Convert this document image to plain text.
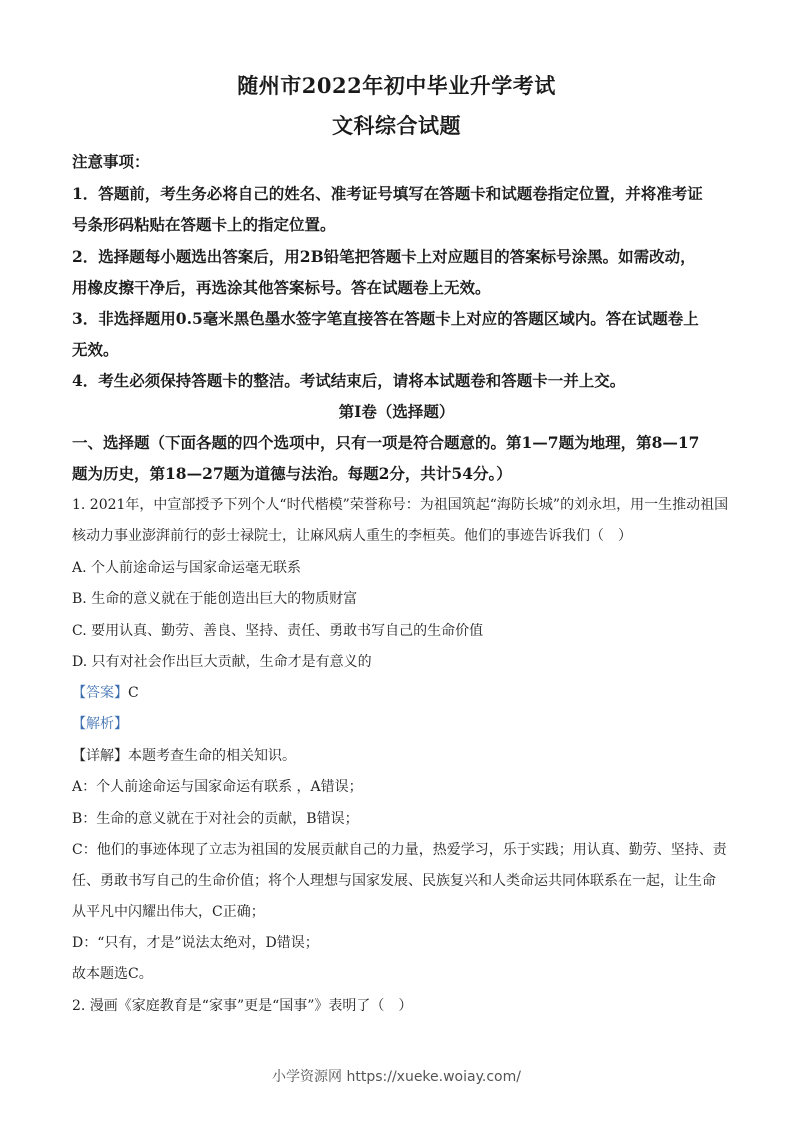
随州市2022年初中毕业升学考试
文科综合试题
注意事项：
1．答题前，考生务必将自己的姓名、准考证号填写在答题卡和试题卷指定位置，并将准考证
号条形码粘贴在答题卡上的指定位置。
2．选择题每小题选出答案后，用2B铅笔把答题卡上对应题目的答案标号涂黑。如需改动，
用橡皮擦干净后，再选涂其他答案标号。答在试题卷上无效。
3．非选择题用0.5毫米黑色墨水签字笔直接答在答题卡上对应的答题区域内。答在试题卷上
无效。
4．考生必须保持答题卡的整洁。考试结束后，请将本试题卷和答题卡一并上交。
第I卷（选择题）
一、选择题（下面各题的四个选项中，只有一项是符合题意的。第1—7题为地理，第8—17
题为历史，第18—27题为道德与法治。每题2分，共计54分。）
1. 2021年，中宣部授予下列个人“时代楷模”荣誉称号：为祖国筑起“海防长城”的刘永坦，用一生推动祖国
核动力事业澎湃前行的彭士禄院士，让麻风病人重生的李桓英。他们的事迹告诉我们（　）
A. 个人前途命运与国家命运毫无联系
B. 生命的意义就在于能创造出巨大的物质财富
C. 要用认真、勤劳、善良、坚持、责任、勇敢书写自己的生命价值
D. 只有对社会作出巨大贡献，生命才是有意义的
【答案】C
【解析】
【详解】本题考查生命的相关知识。
A：个人前途命运与国家命运有联系 ，A错误；
B：生命的意义就在于对社会的贡献，B错误；
C：他们的事迹体现了立志为祖国的发展贡献自己的力量，热爱学习，乐于实践；用认真、勤劳、坚持、责
任、勇敢书写自己的生命价值；将个人理想与国家发展、民族复兴和人类命运共同体联系在一起，让生命
从平凡中闪耀出伟大，C正确；
D：“只有，才是”说法太绝对，D错误；
故本题选C。
2. 漫画《家庭教育是“家事”更是“国事”》表明了（　）
小学资源网 https://xueke.woiay.com/
